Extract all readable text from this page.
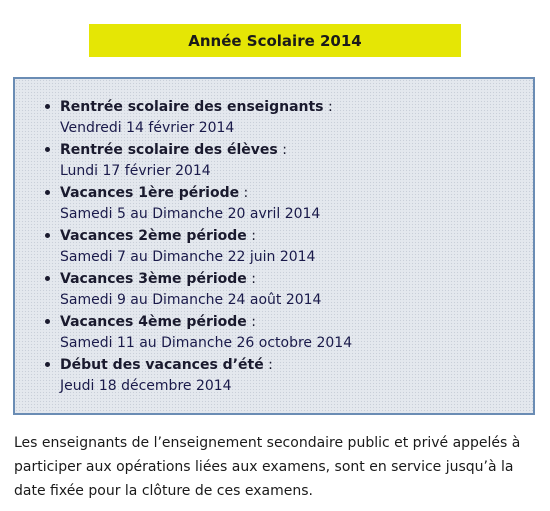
Année Scolaire 2014
Rentrée scolaire des enseignants :
Vendredi 14 février 2014
Rentrée scolaire des élèves :
Lundi 17 février 2014
Vacances 1ère période :
Samedi 5 au Dimanche 20 avril 2014
Vacances 2ème période :
Samedi 7 au Dimanche 22 juin 2014
Vacances 3ème période :
Samedi 9 au Dimanche 24 août 2014
Vacances 4ème période :
Samedi 11 au Dimanche 26 octobre 2014
Début des vacances d’été :
Jeudi 18 décembre 2014

Les enseignants de l’enseignement secondaire public et privé appelés à participer aux opérations liées aux examens, sont en service jusqu’à la date fixée pour la clôture de ces examens.
